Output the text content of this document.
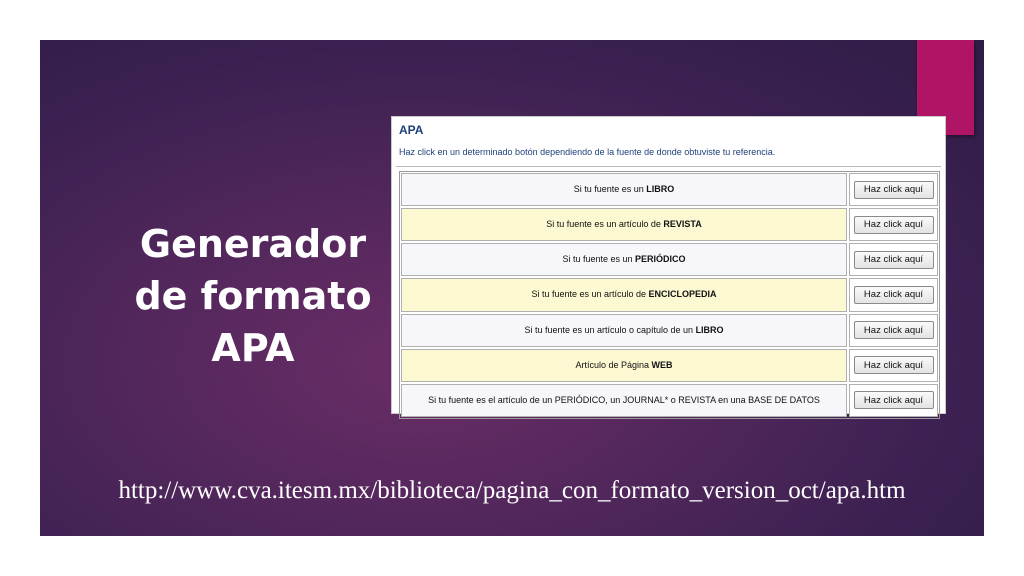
Generador
de formato
APA
APA
Haz click en un determinado botón dependiendo de la fuente de donde obtuviste tu referencia.
Si tu fuente es un LIBRO	Haz click aquí
Si tu fuente es un artículo de REVISTA	Haz click aquí
Si tu fuente es un PERIÓDICO	Haz click aquí
Si tu fuente es un artículo de ENCICLOPEDIA	Haz click aquí
Si tu fuente es un artículo o capítulo de un LIBRO	Haz click aquí
Artículo de Página WEB	Haz click aquí
Si tu fuente es el artículo de un PERIÓDICO, un JOURNAL* o REVISTA en una BASE DE DATOS	Haz click aquí
http://www.cva.itesm.mx/biblioteca/pagina_con_formato_version_oct/apa.htm
